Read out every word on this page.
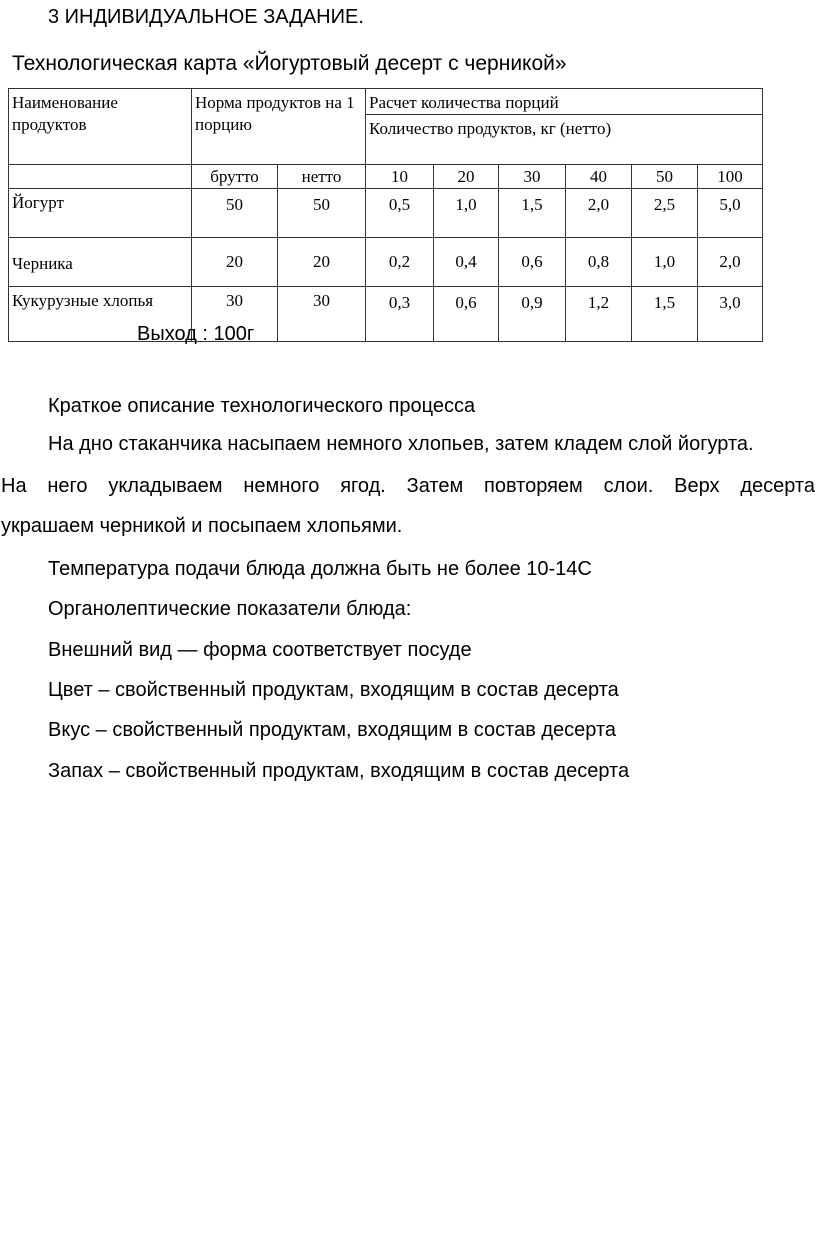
3 ИНДИВИДУАЛЬНОЕ ЗАДАНИЕ.
Технологическая карта «Йогуртовый десерт с черникой»
Наименование продуктов	Норма продуктов на 1 порцию		Расчет количества порций					
			Количество продуктов, кг (нетто)					
	брутто	нетто	10	20	30	40	50	100
Йогурт	50	50	0,5	1,0	1,5	2,0	2,5	5,0
Черника	20	20	0,2	0,4	0,6	0,8	1,0	2,0
Кукурузные хлопья	30	30	0,3	0,6	0,9	1,2	1,5	3,0
Выход : 100г
Краткое описание технологического процесса
На дно стаканчика насыпаем немного хлопьев, затем кладем слой йогурта.
На него укладываем немного ягод. Затем повторяем слои. Верх десерта
украшаем черникой и посыпаем хлопьями.
Температура подачи блюда должна быть не более 10-14С
Органолептические показатели блюда:
Внешний вид — форма соответствует посуде
Цвет – свойственный продуктам, входящим в состав десерта
Вкус – свойственный продуктам, входящим в состав десерта
Запах – свойственный продуктам, входящим в состав десерта
